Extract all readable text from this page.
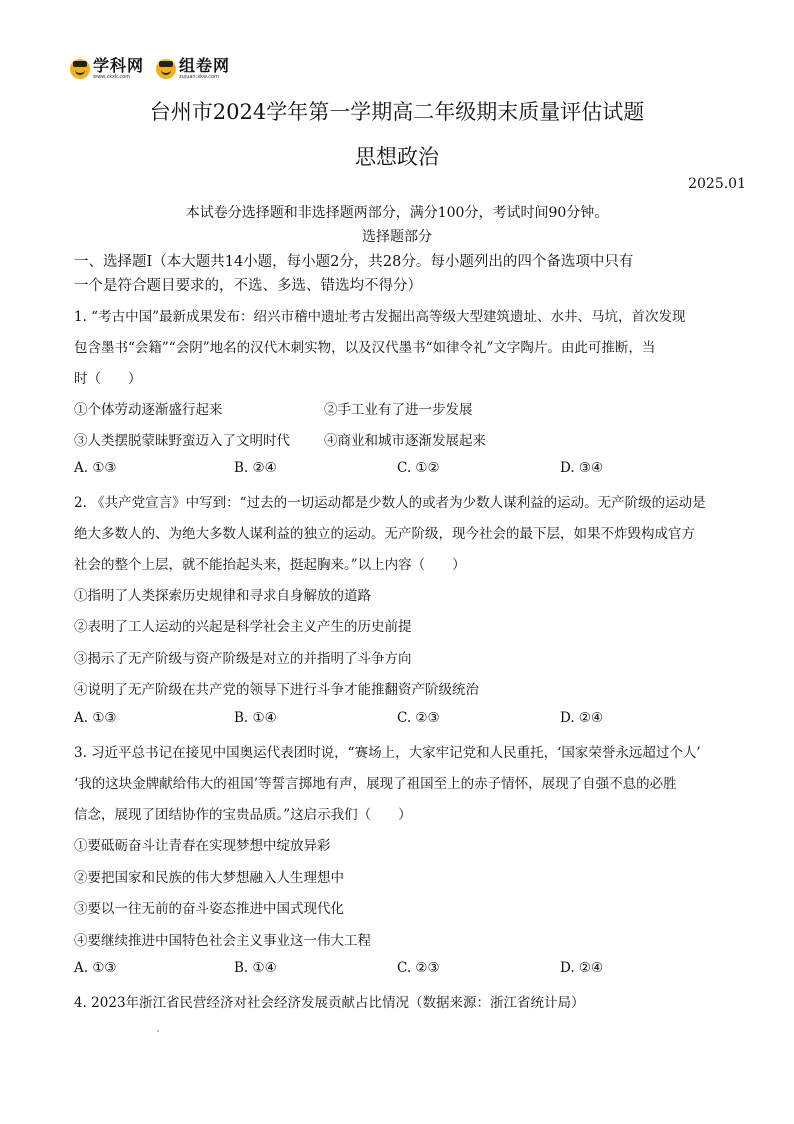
学科网
www.zxxk.com
组卷网
zujuan.xkw.com
台州市2024学年第一学期高二年级期末质量评估试题
思想政治
2025.01
本试卷分选择题和非选择题两部分，满分100分，考试时间90分钟。
选择题部分
一、选择题Ⅰ（本大题共14小题，每小题2分，共28分。每小题列出的四个备选项中只有
一个是符合题目要求的，不选、多选、错选均不得分）
1. “考古中国”最新成果发布：绍兴市稽中遗址考古发掘出高等级大型建筑遗址、水井、马坑，首次发现
包含墨书“会籍”“会阴”地名的汉代木刺实物，以及汉代墨书“如律令礼”文字陶片。由此可推断，当
时（　　）
①个体劳动逐渐盛行起来	②手工业有了进一步发展
③人类摆脱蒙昧野蛮迈入了文明时代	④商业和城市逐渐发展起来
A. ①③	B. ②④	C. ①②	D. ③④
2. 《共产党宣言》中写到：“过去的一切运动都是少数人的或者为少数人谋利益的运动。无产阶级的运动是
绝大多数人的、为绝大多数人谋利益的独立的运动。无产阶级，现今社会的最下层，如果不炸毁构成官方
社会的整个上层，就不能抬起头来，挺起胸来。”以上内容（　　）
①指明了人类探索历史规律和寻求自身解放的道路
②表明了工人运动的兴起是科学社会主义产生的历史前提
③揭示了无产阶级与资产阶级是对立的并指明了斗争方向
④说明了无产阶级在共产党的领导下进行斗争才能推翻资产阶级统治
A. ①③	B. ①④	C. ②③	D. ②④
3. 习近平总书记在接见中国奥运代表团时说，“赛场上，大家牢记党和人民重托，‘国家荣誉永远超过个人’
‘我的这块金牌献给伟大的祖国’等誓言掷地有声，展现了祖国至上的赤子情怀，展现了自强不息的必胜
信念，展现了团结协作的宝贵品质。”这启示我们（　　）
①要砥砺奋斗让青春在实现梦想中绽放异彩
②要把国家和民族的伟大梦想融入人生理想中
③要以一往无前的奋斗姿态推进中国式现代化
④要继续推进中国特色社会主义事业这一伟大工程
A. ①③	B. ①④	C. ②③	D. ②④
4. 2023年浙江省民营经济对社会经济发展贡献占比情况（数据来源：浙江省统计局）
